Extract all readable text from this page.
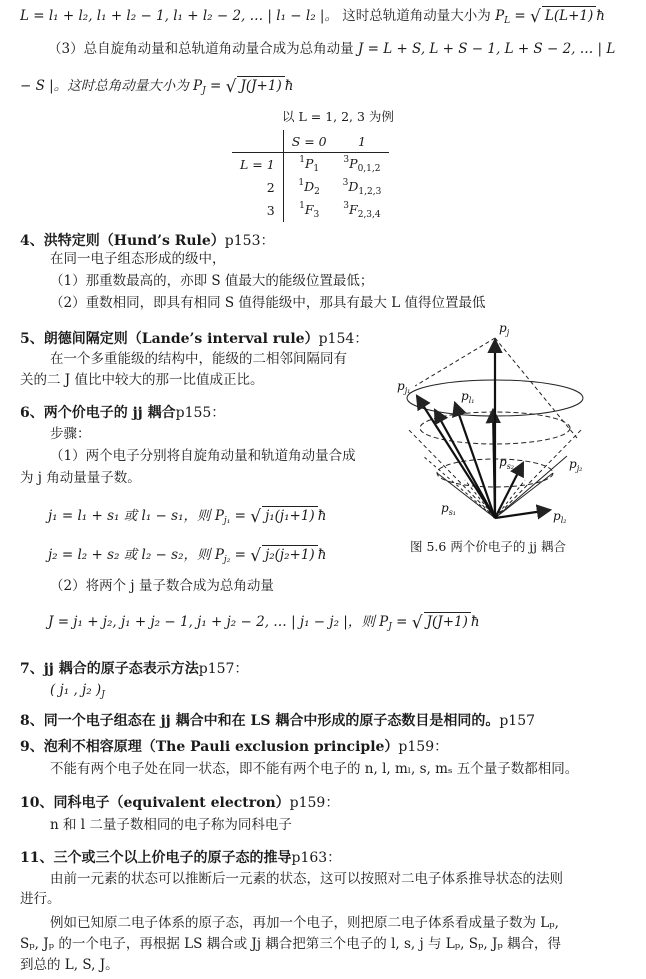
L = l₁ + l₂, l₁ + l₂ − 1, l₁ + l₂ − 2, … | l₁ − l₂ |。 这时总轨道角动量大小为 $P_L$ = √ L(L+1) ħ
（3）总自旋角动量和总轨道角动量合成为总角动量 J = L + S, L + S − 1, L + S − 2, … | L
− S |。这时总角动量大小为 $P_J$ = √ J(J+1) ħ
以 L = 1, 2, 3 为例
	S = 0	1
L = 1	$^1P_1$	$^3P_{0,1,2}$
2	$^1D_2$	$^3D_{1,2,3}$
3	$^1F_3$	$^3F_{2,3,4}$
4、洪特定则（Hund’s Rule）p153：
在同一电子组态形成的级中，
（1）那重数最高的，亦即 S 值最大的能级位置最低；
（2）重数相同，即具有相同 S 值得能级中，那具有最大 L 值得位置最低
5、朗德间隔定则（Lande’s interval rule）p154：
在一个多重能级的结构中，能级的二相邻间隔同有
关的二 J 值比中较大的那一比值成正比。
6、两个价电子的 jj 耦合p155：
步骤：
（1）两个电子分别将自旋角动量和轨道角动量合成
为 j 角动量量子数。
j₁ = l₁ + s₁ 或 l₁ − s₁，则 $P_{j_1}$ = √ j₁(j₁+1) ħ
j₂ = l₂ + s₂ 或 l₂ − s₂，则 $P_{j_2}$ = √ j₂(j₂+1) ħ
（2）将两个 j 量子数合成为总角动量
J = j₁ + j₂, j₁ + j₂ − 1, j₁ + j₂ − 2, … | j₁ − j₂ |，则 $P_J$ = √ J(J+1) ħ
$p_j$
$p_{j_1}$	$p_{l_1}$
$p_{s_2}$	$p_{j_2}$
$p_{s_1}$	$p_{l_2}$
图 5.6 两个价电子的 jj 耦合
7、jj 耦合的原子态表示方法p157：
( j₁ , j₂ )$_J$
8、同一个电子组态在 jj 耦合中和在 LS 耦合中形成的原子态数目是相同的。p157
9、泡利不相容原理（The Pauli exclusion principle）p159：
不能有两个电子处在同一状态，即不能有两个电子的 n, l, mₗ, s, mₛ 五个量子数都相同。
10、同科电子（equivalent electron）p159：
n 和 l 二量子数相同的电子称为同科电子
11、三个或三个以上价电子的原子态的推导p163：
由前一元素的状态可以推断后一元素的状态，这可以按照对二电子体系推导状态的法则
进行。
例如已知原二电子体系的原子态，再加一个电子，则把原二电子体系看成量子数为 Lₚ,
Sₚ, Jₚ 的一个电子，再根据 LS 耦合或 Jj 耦合把第三个电子的 l, s, j 与 Lₚ, Sₚ, Jₚ 耦合，得
到总的 L, S, J。
